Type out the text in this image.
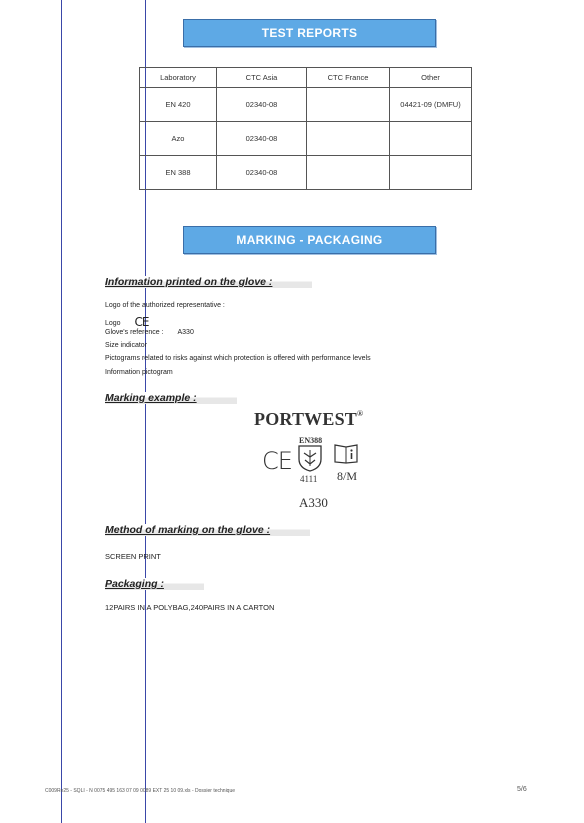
TEST REPORTS
Laboratory	CTC Asia	CTC France	Other
EN 420	02340-08		04421-09 (DMFU)
Azo	02340-08		
EN 388	02340-08		
MARKING - PACKAGING
Information printed on the glove :
Logo of the authorized representative :
Logo CE
Glove's reference : A330
Size indicator
Pictograms related to risks against which protection is offered with performance levels
Information pictogram
Marking example :
PORTWEST®
CE
EN388
4111 8/M
A330
Method of marking on the glove :
SCREEN PRINT
Packaging :
12PAIRS IN A POLYBAG,240PAIRS IN A CARTON
C009Re25 - SQLI - N 0075 495 163 07 09 0089 EXT 25 10 09.xls - Dossier technique	5/6
